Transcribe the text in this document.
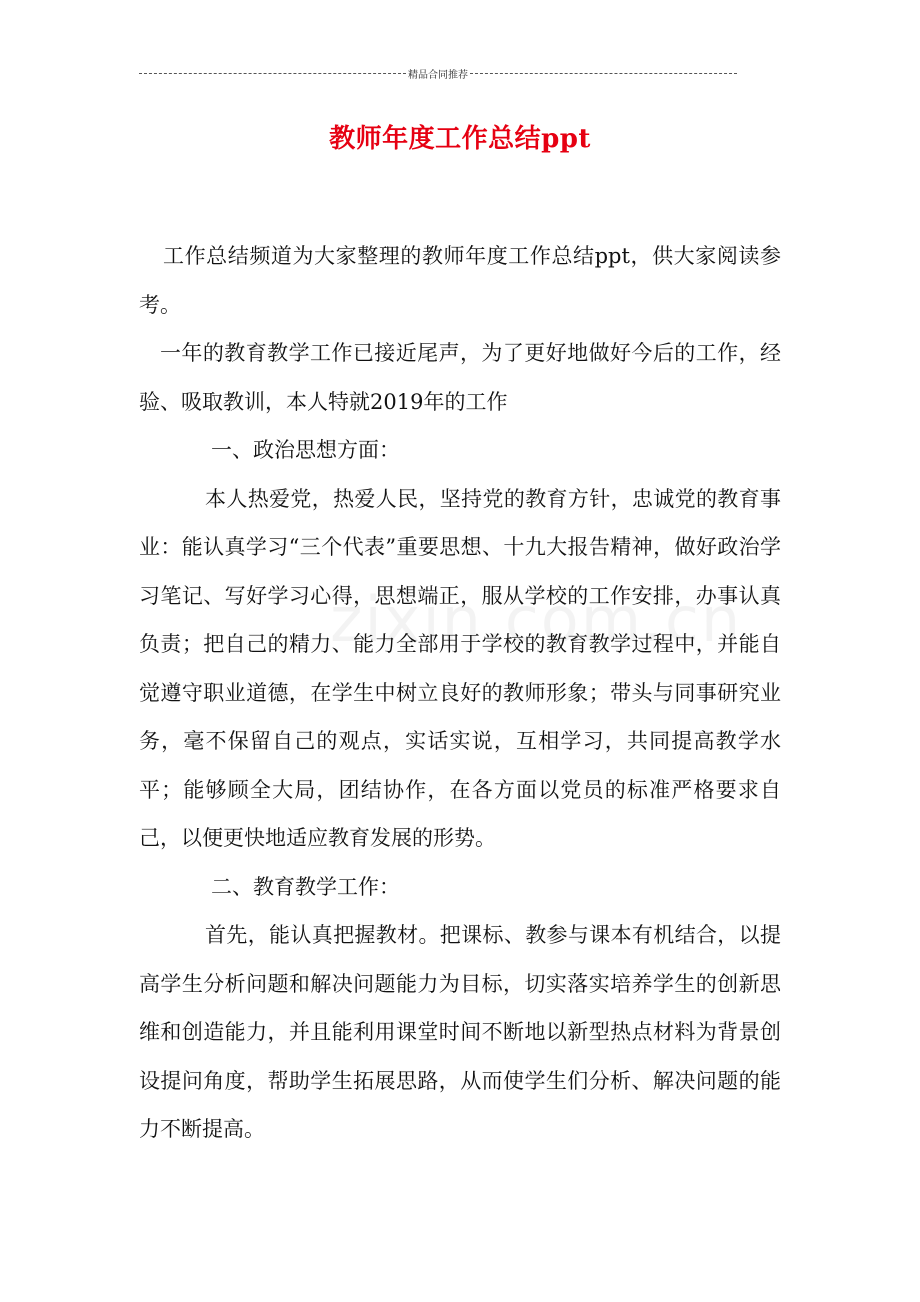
精品合同推荐
教师年度工作总结ppt

工作总结频道为大家整理的教师年度工作总结ppt，供大家阅读参考。

一年的教育教学工作已接近尾声，为了更好地做好今后的工作，经验、吸取教训，本人特就2019年的工作

一、政治思想方面：

本人热爱党，热爱人民，坚持党的教育方针，忠诚党的教育事业：能认真学习“三个代表”重要思想、十九大报告精神，做好政治学习笔记、写好学习心得，思想端正，服从学校的工作安排，办事认真负责；把自己的精力、能力全部用于学校的教育教学过程中，并能自觉遵守职业道德，在学生中树立良好的教师形象；带头与同事研究业务，毫不保留自己的观点，实话实说，互相学习，共同提高教学水平；能够顾全大局，团结协作，在各方面以党员的标准严格要求自己，以便更快地适应教育发展的形势。

二、教育教学工作：

首先，能认真把握教材。把课标、教参与课本有机结合，以提高学生分析问题和解决问题能力为目标，切实落实培养学生的创新思维和创造能力，并且能利用课堂时间不断地以新型热点材料为背景创设提问角度，帮助学生拓展思路，从而使学生们分析、解决问题的能力不断提高。
